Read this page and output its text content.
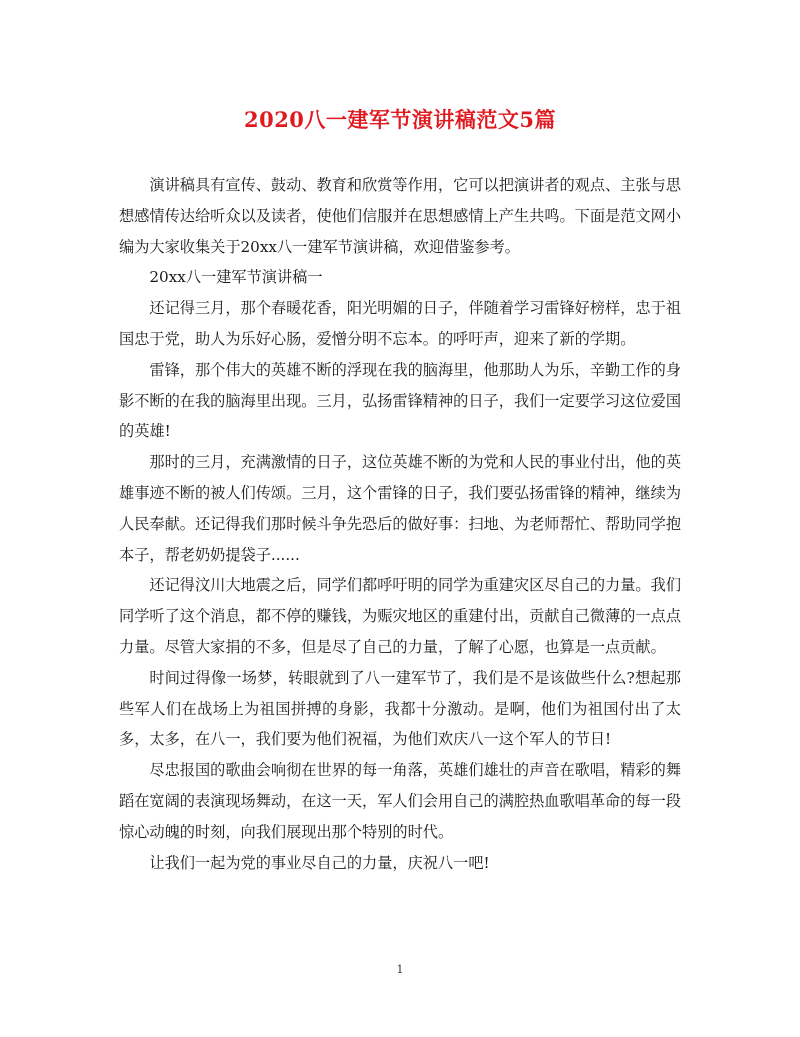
2020八一建军节演讲稿范文5篇

演讲稿具有宣传、鼓动、教育和欣赏等作用，它可以把演讲者的观点、主张与思想感情传达给听众以及读者，使他们信服并在思想感情上产生共鸣。下面是范文网小编为大家收集关于20xx八一建军节演讲稿，欢迎借鉴参考。

20xx八一建军节演讲稿一

还记得三月，那个春暖花香，阳光明媚的日子，伴随着学习雷锋好榜样，忠于祖国忠于党，助人为乐好心肠，爱憎分明不忘本。的呼吁声，迎来了新的学期。

雷锋，那个伟大的英雄不断的浮现在我的脑海里，他那助人为乐，辛勤工作的身影不断的在我的脑海里出现。三月，弘扬雷锋精神的日子，我们一定要学习这位爱国的英雄!

那时的三月，充满激情的日子，这位英雄不断的为党和人民的事业付出，他的英雄事迹不断的被人们传颂。三月，这个雷锋的日子，我们要弘扬雷锋的精神，继续为人民奉献。还记得我们那时候斗争先恐后的做好事：扫地、为老师帮忙、帮助同学抱本子，帮老奶奶提袋子......

还记得汶川大地震之后，同学们都呼吁明的同学为重建灾区尽自己的力量。我们同学听了这个消息，都不停的赚钱，为赈灾地区的重建付出，贡献自己微薄的一点点力量。尽管大家捐的不多，但是尽了自己的力量，了解了心愿，也算是一点贡献。

时间过得像一场梦，转眼就到了八一建军节了，我们是不是该做些什么?想起那些军人们在战场上为祖国拼搏的身影，我都十分激动。是啊，他们为祖国付出了太多，太多，在八一，我们要为他们祝福，为他们欢庆八一这个军人的节日!

尽忠报国的歌曲会响彻在世界的每一角落，英雄们雄壮的声音在歌唱，精彩的舞蹈在宽阔的表演现场舞动，在这一天，军人们会用自己的满腔热血歌唱革命的每一段惊心动魄的时刻，向我们展现出那个特别的时代。

让我们一起为党的事业尽自己的力量，庆祝八一吧!

1
